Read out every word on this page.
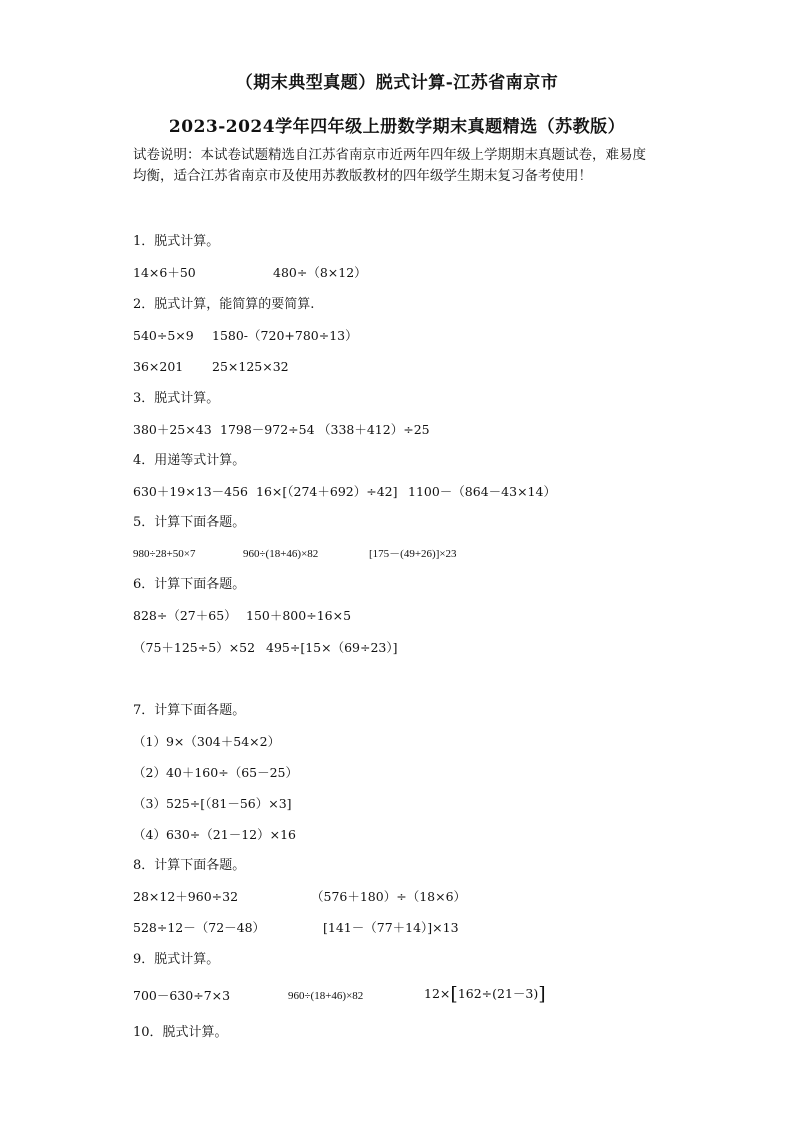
（期末典型真题）脱式计算-江苏省南京市
2023-2024学年四年级上册数学期末真题精选（苏教版）
试卷说明：本试卷试题精选自江苏省南京市近两年四年级上学期期末真题试卷，难易度
均衡，适合江苏省南京市及使用苏教版教材的四年级学生期末复习备考使用！
1．脱式计算。
14×6＋50	480÷（8×12）
2．脱式计算，能简算的要简算.
540÷5×9 1580-（720+780÷13）
36×201 25×125×32
3．脱式计算。
380＋25×43 1798－972÷54 （338＋412）÷25
4．用递等式计算。
630＋19×13－456 16×[（274＋692）÷42] 1100－（864－43×14）
5．计算下面各题。
980÷28+50×7	960÷(18+46)×82	[175－(49+26)]×23
6．计算下面各题。
828÷（27＋65） 150＋800÷16×5
（75＋125÷5）×52 495÷[15×（69÷23）]
7．计算下面各题。
（1）9×（304＋54×2）
（2）40＋160÷（65－25）
（3）525÷[（81－56）×3]
（4）630÷（21－12）×16
8．计算下面各题。
28×12＋960÷32	（576＋180）÷（18×6）
528÷12－（72－48）	[141－（77＋14）]×13
9．脱式计算。
700－630÷7×3	960÷(18+46)×82	12×[162÷(21－3)]
10．脱式计算。
